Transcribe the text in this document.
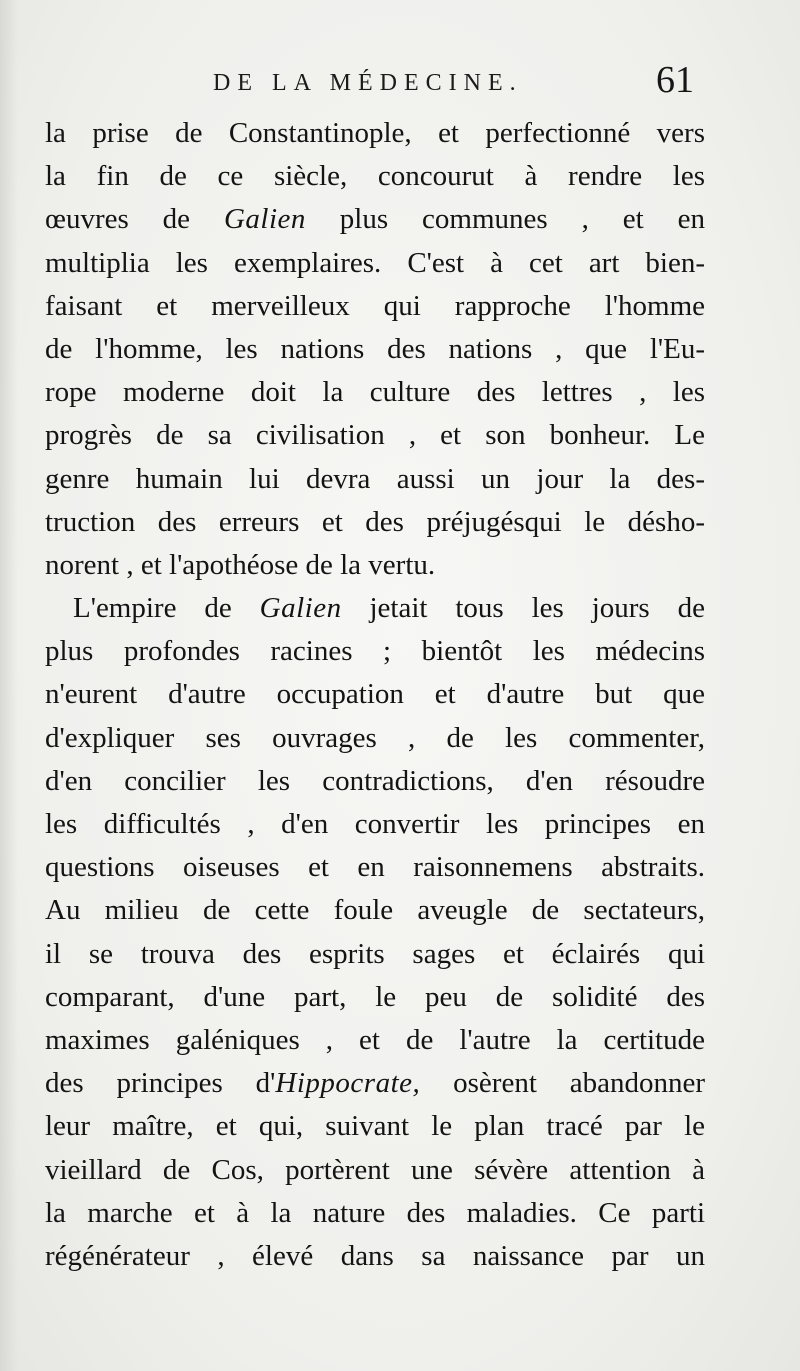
DE LA MÉDECINE.	61
la prise de Constantinople, et perfectionné vers
la fin de ce siècle, concourut à rendre les
œuvres de Galien plus communes , et en
multiplia les exemplaires. C'est à cet art bien-
faisant et merveilleux qui rapproche l'homme
de l'homme, les nations des nations , que l'Eu-
rope moderne doit la culture des lettres , les
progrès de sa civilisation , et son bonheur. Le
genre humain lui devra aussi un jour la des-
truction des erreurs et des préjugésqui le désho-
norent , et l'apothéose de la vertu.
L'empire de Galien jetait tous les jours de
plus profondes racines ; bientôt les médecins
n'eurent d'autre occupation et d'autre but que
d'expliquer ses ouvrages , de les commenter,
d'en concilier les contradictions, d'en résoudre
les difficultés , d'en convertir les principes en
questions oiseuses et en raisonnemens abstraits.
Au milieu de cette foule aveugle de sectateurs,
il se trouva des esprits sages et éclairés qui
comparant, d'une part, le peu de solidité des
maximes galéniques , et de l'autre la certitude
des principes d'Hippocrate, osèrent abandonner
leur maître, et qui, suivant le plan tracé par le
vieillard de Cos, portèrent une sévère attention à
la marche et à la nature des maladies. Ce parti
régénérateur , élevé dans sa naissance par un
